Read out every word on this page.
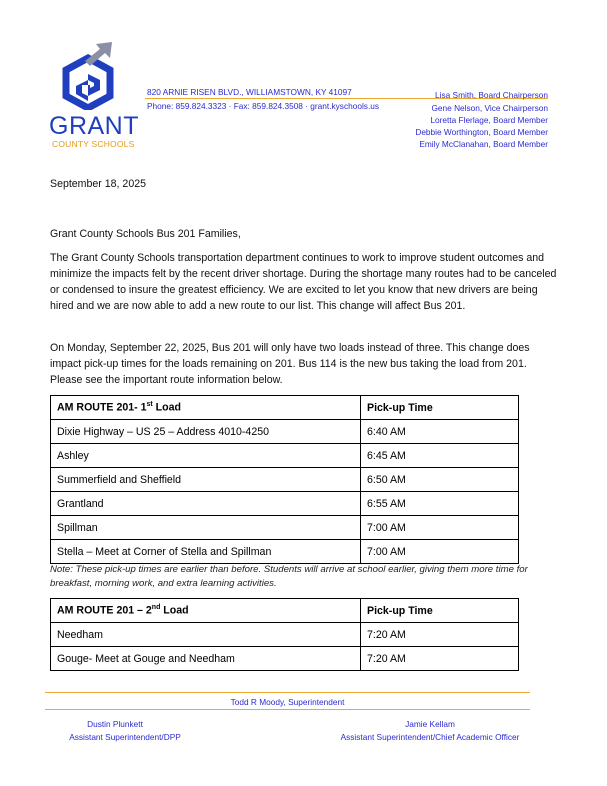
GRANT
COUNTY SCHOOLS
820 ARNIE RISEN BLVD., WILLIAMSTOWN, KY 41097
Phone: 859.824.3323 · Fax: 859.824.3508 · grant.kyschools.us
Lisa Smith, Board Chairperson
Gene Nelson, Vice Chairperson
Loretta Flerlage, Board Member
Debbie Worthington, Board Member
Emily McClanahan, Board Member
September 18, 2025
Grant County Schools Bus 201 Families,
The Grant County Schools transportation department continues to work to improve student outcomes and minimize the impacts felt by the recent driver shortage. During the shortage many routes had to be canceled or condensed to insure the greatest efficiency. We are excited to let you know that new drivers are being hired and we are now able to add a new route to our list. This change will affect Bus 201.
On Monday, September 22, 2025, Bus 201 will only have two loads instead of three. This change does impact pick-up times for the loads remaining on 201. Bus 114 is the new bus taking the load from 201. Please see the important route information below.
AM ROUTE 201- 1st Load	Pick-up Time
Dixie Highway – US 25 – Address 4010-4250	6:40 AM
Ashley	6:45 AM
Summerfield and Sheffield	6:50 AM
Grantland	6:55 AM
Spillman	7:00 AM
Stella – Meet at Corner of Stella and Spillman	7:00 AM
Note: These pick-up times are earlier than before. Students will arrive at school earlier, giving them more time for breakfast, morning work, and extra learning activities.
AM ROUTE 201 – 2nd Load	Pick-up Time
Needham	7:20 AM
Gouge- Meet at Gouge and Needham	7:20 AM
Todd R Moody, Superintendent
Dustin Plunkett
Assistant Superintendent/DPP
Jamie Kellam
Assistant Superintendent/Chief Academic Officer
